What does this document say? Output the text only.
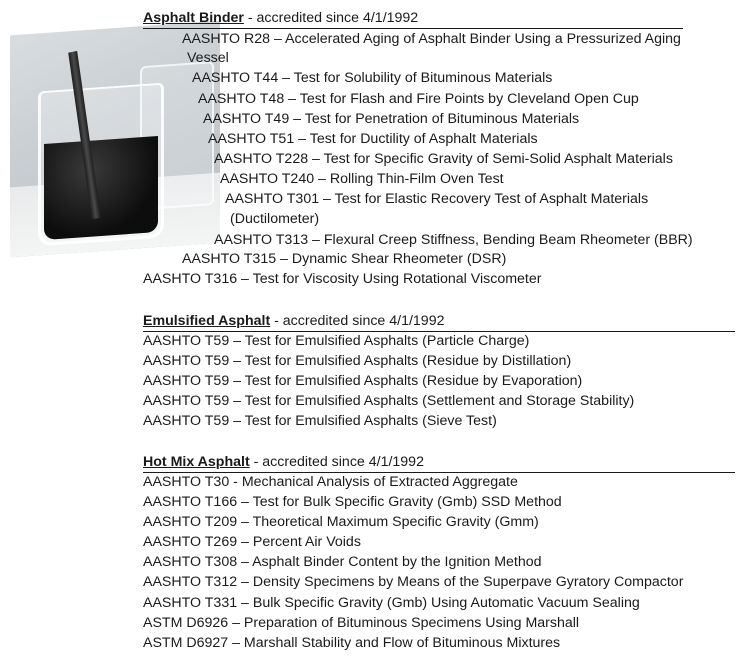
Asphalt Binder - accredited since 4/1/1992
AASHTO R28 – Accelerated Aging of Asphalt Binder Using a Pressurized Aging
Vessel
AASHTO T44 – Test for Solubility of Bituminous Materials
AASHTO T48 – Test for Flash and Fire Points by Cleveland Open Cup
AASHTO T49 – Test for Penetration of Bituminous Materials
AASHTO T51 – Test for Ductility of Asphalt Materials
AASHTO T228 – Test for Specific Gravity of Semi-Solid Asphalt Materials
AASHTO T240 – Rolling Thin-Film Oven Test
AASHTO T301 – Test for Elastic Recovery Test of Asphalt Materials
(Ductilometer)
AASHTO T313 – Flexural Creep Stiffness, Bending Beam Rheometer (BBR)
AASHTO T315 – Dynamic Shear Rheometer (DSR)
AASHTO T316 – Test for Viscosity Using Rotational Viscometer
Emulsified Asphalt - accredited since 4/1/1992
AASHTO T59 – Test for Emulsified Asphalts (Particle Charge)
AASHTO T59 – Test for Emulsified Asphalts (Residue by Distillation)
AASHTO T59 – Test for Emulsified Asphalts (Residue by Evaporation)
AASHTO T59 – Test for Emulsified Asphalts (Settlement and Storage Stability)
AASHTO T59 – Test for Emulsified Asphalts (Sieve Test)
Hot Mix Asphalt - accredited since 4/1/1992
AASHTO T30 - Mechanical Analysis of Extracted Aggregate
AASHTO T166 – Test for Bulk Specific Gravity (Gmb) SSD Method
AASHTO T209 – Theoretical Maximum Specific Gravity (Gmm)
AASHTO T269 – Percent Air Voids
AASHTO T308 – Asphalt Binder Content by the Ignition Method
AASHTO T312 – Density Specimens by Means of the Superpave Gyratory Compactor
AASHTO T331 – Bulk Specific Gravity (Gmb) Using Automatic Vacuum Sealing
ASTM D6926 – Preparation of Bituminous Specimens Using Marshall
ASTM D6927 – Marshall Stability and Flow of Bituminous Mixtures
